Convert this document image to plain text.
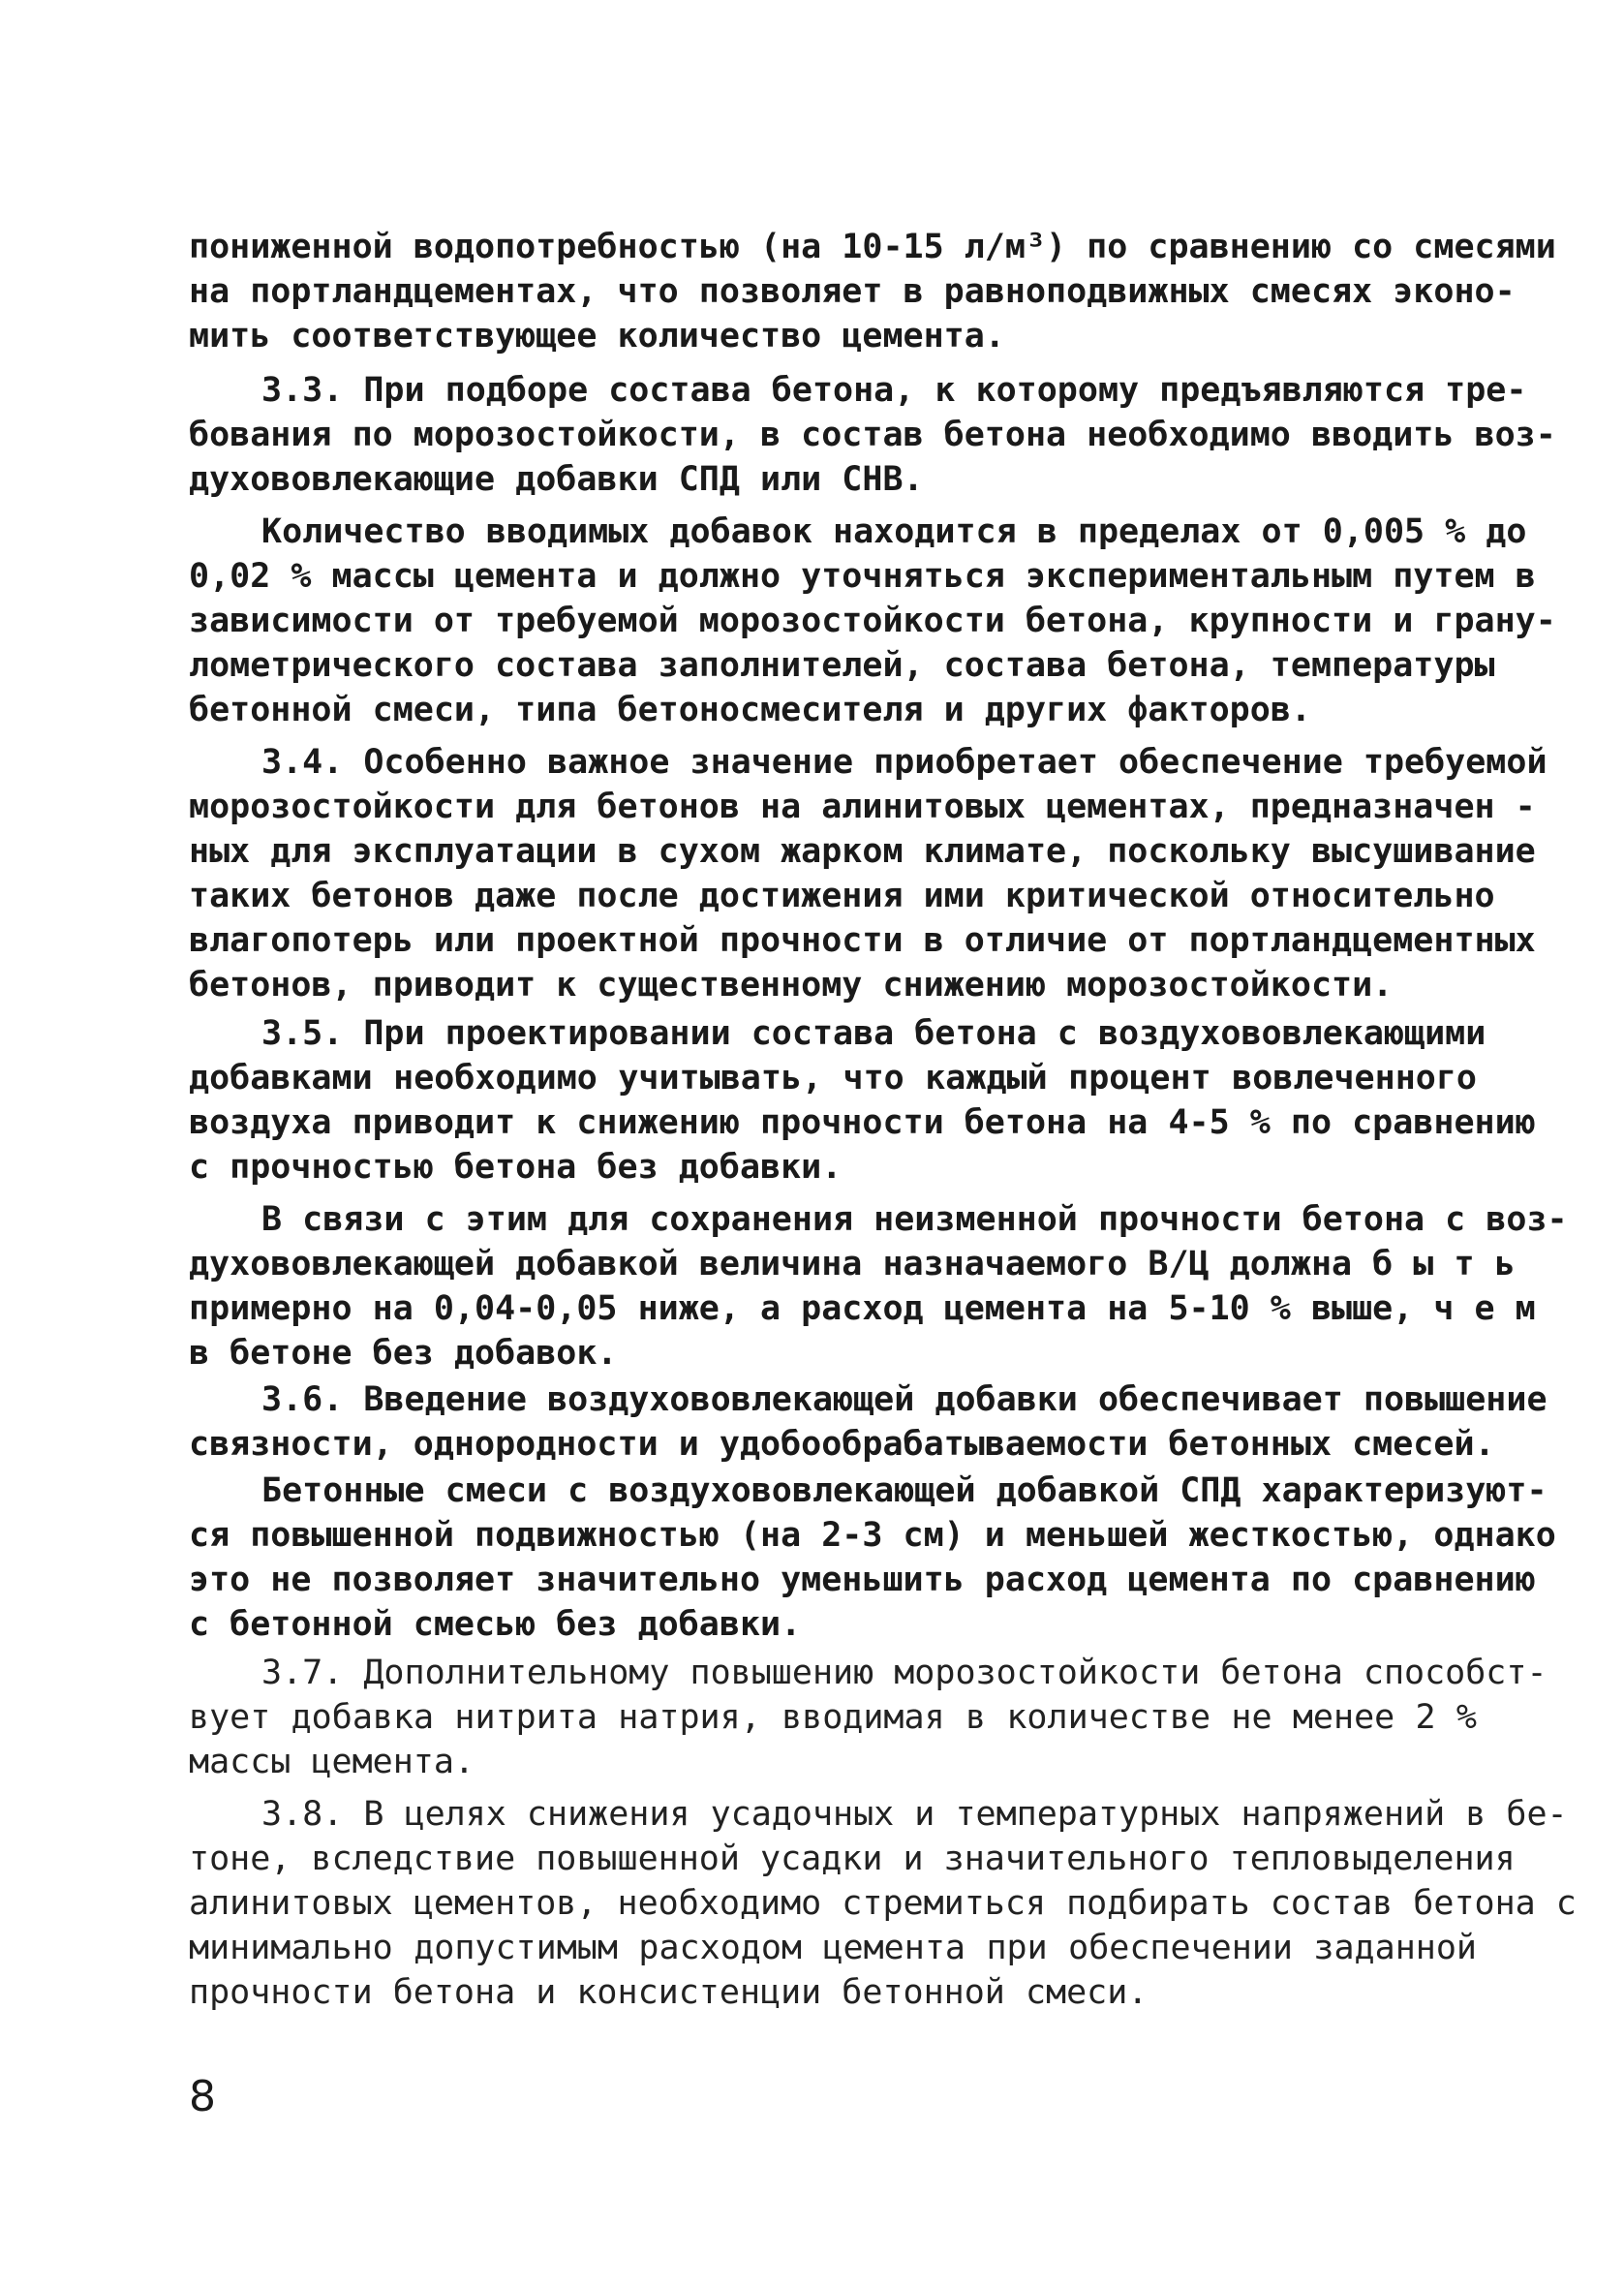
пониженной водопотребностью (на 10-15 л/м³) по сравнению со смесями
на портландцементах, что позволяет в равноподвижных смесях эконо-
мить соответствующее количество цемента.
3.3. При подборе состава бетона, к которому предъявляются тре-
бования по морозостойкости, в состав бетона необходимо вводить воз-
духововлекающие добавки СПД или СНВ.
Количество вводимых добавок находится в пределах от 0,005 % до
0,02 % массы цемента и должно уточняться экспериментальным путем в
зависимости от требуемой морозостойкости бетона, крупности и грану-
лометрического состава заполнителей, состава бетона, температуры
бетонной смеси, типа бетоносмесителя и других факторов.
3.4. Особенно важное значение приобретает обеспечение требуемой
морозостойкости для бетонов на алинитовых цементах, предназначен -
ных для эксплуатации в сухом жарком климате, поскольку высушивание
таких бетонов даже после достижения ими критической относительно
влагопотерь или проектной прочности в отличие от портландцементных
бетонов, приводит к существенному снижению морозостойкости.
3.5. При проектировании состава бетона с воздухововлекающими
добавками необходимо учитывать, что каждый процент вовлеченного
воздуха приводит к снижению прочности бетона на 4-5 % по сравнению
с прочностью бетона без добавки.
В связи с этим для сохранения неизменной прочности бетона с воз-
духововлекающей добавкой величина назначаемого В/Ц должна б ы т ь
примерно на 0,04-0,05 ниже, а расход цемента на 5-10 % выше, ч е м
в бетоне без добавок.
3.6. Введение воздухововлекающей добавки обеспечивает повышение
связности, однородности и удобообрабатываемости бетонных смесей.
Бетонные смеси с воздухововлекающей добавкой СПД характеризуют-
ся повышенной подвижностью (на 2-3 см) и меньшей жесткостью, однако
это не позволяет значительно уменьшить расход цемента по сравнению
с бетонной смесью без добавки.
3.7. Дополнительному повышению морозостойкости бетона способст-
вует добавка нитрита натрия, вводимая в количестве не менее 2 %
массы цемента.
3.8. В целях снижения усадочных и температурных напряжений в бе-
тоне, вследствие повышенной усадки и значительного тепловыделения
алинитовых цементов, необходимо стремиться подбирать состав бетона с
минимально допустимым расходом цемента при обеспечении заданной
прочности бетона и консистенции бетонной смеси.
8
